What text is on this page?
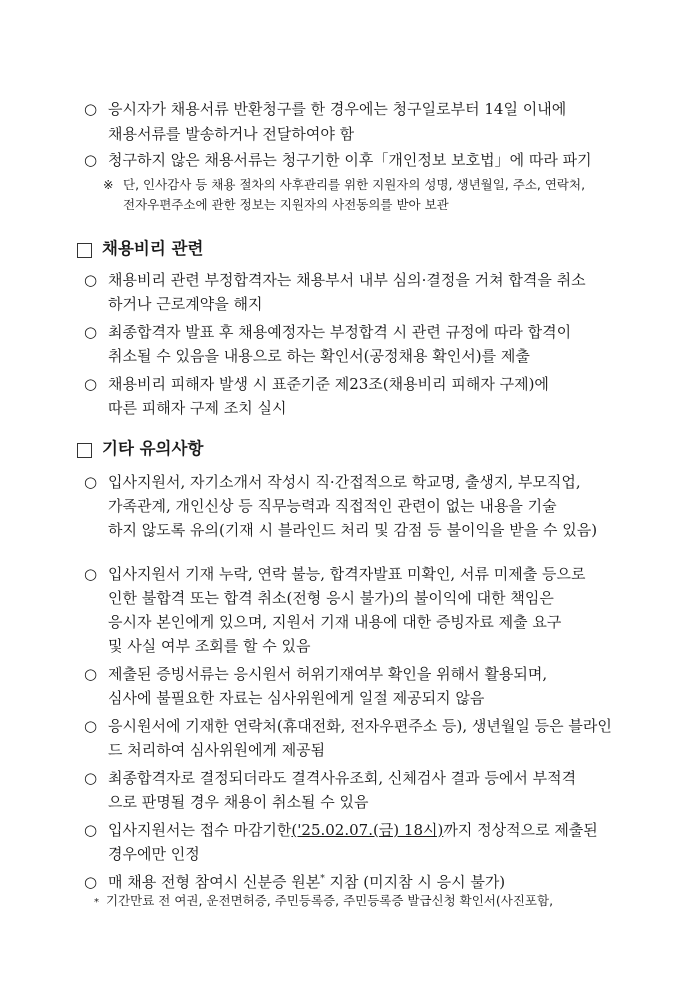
○ 응시자가 채용서류 반환청구를 한 경우에는 청구일로부터 14일 이내에
채용서류를 발송하거나 전달하여야 함
○ 청구하지 않은 채용서류는 청구기한 이후「개인정보 보호법」에 따라 파기
※ 단, 인사감사 등 채용 절차의 사후관리를 위한 지원자의 성명, 생년월일, 주소, 연락처,
전자우편주소에 관한 정보는 지원자의 사전동의를 받아 보관
채용비리 관련
○ 채용비리 관련 부정합격자는 채용부서 내부 심의·결정을 거쳐 합격을 취소
하거나 근로계약을 해지
○ 최종합격자 발표 후 채용예정자는 부정합격 시 관련 규정에 따라 합격이
취소될 수 있음을 내용으로 하는 확인서(공정채용 확인서)를 제출
○ 채용비리 피해자 발생 시 표준기준 제23조(채용비리 피해자 구제)에
따른 피해자 구제 조치 실시
기타 유의사항
○ 입사지원서, 자기소개서 작성시 직·간접적으로 학교명, 출생지, 부모직업,
가족관계, 개인신상 등 직무능력과 직접적인 관련이 없는 내용을 기술
하지 않도록 유의(기재 시 블라인드 처리 및 감점 등 불이익을 받을 수 있음)
○ 입사지원서 기재 누락, 연락 불능, 합격자발표 미확인, 서류 미제출 등으로
인한 불합격 또는 합격 취소(전형 응시 불가)의 불이익에 대한 책임은
응시자 본인에게 있으며, 지원서 기재 내용에 대한 증빙자료 제출 요구
및 사실 여부 조회를 할 수 있음
○ 제출된 증빙서류는 응시원서 허위기재여부 확인을 위해서 활용되며,
심사에 불필요한 자료는 심사위원에게 일절 제공되지 않음
○ 응시원서에 기재한 연락처(휴대전화, 전자우편주소 등), 생년월일 등은 블라인
드 처리하여 심사위원에게 제공됨
○ 최종합격자로 결정되더라도 결격사유조회, 신체검사 결과 등에서 부적격
으로 판명될 경우 채용이 취소될 수 있음
○ 입사지원서는 접수 마감기한('25.02.07.(금) 18시)까지 정상적으로 제출된
경우에만 인정
○ 매 채용 전형 참여시 신분증 원본* 지참 (미지참 시 응시 불가)
* 기간만료 전 여권, 운전면허증, 주민등록증, 주민등록증 발급신청 확인서(사진포함,
